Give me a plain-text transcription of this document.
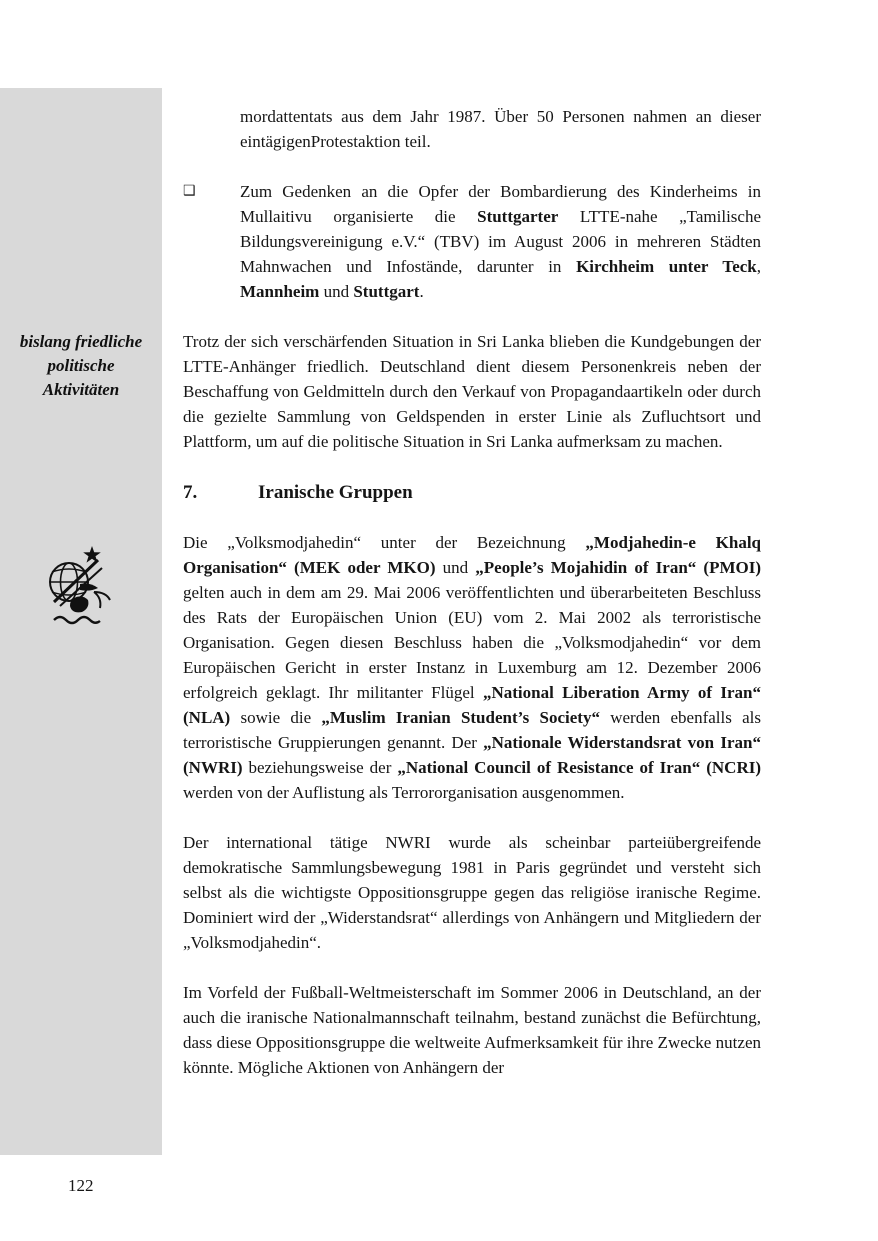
bislang friedliche
politische
Aktivitäten

mordattentats aus dem Jahr 1987. Über 50 Personen nahmen an dieser eintägigenProtestaktion teil.

❑	Zum Gedenken an die Opfer der Bombardierung des Kinderheims in Mullaitivu organisierte die Stuttgarter LTTE-nahe „Tamilische Bildungsvereinigung e.V.“ (TBV) im August 2006 in mehreren Städten Mahnwachen und Infostände, darunter in Kirchheim unter Teck, Mannheim und Stuttgart.

Trotz der sich verschärfenden Situation in Sri Lanka blieben die Kundgebungen der LTTE-Anhänger friedlich. Deutschland dient diesem Personenkreis neben der Beschaffung von Geldmitteln durch den Verkauf von Propagandaartikeln oder durch die gezielte Sammlung von Geldspenden in erster Linie als Zufluchtsort und Plattform, um auf die politische Situation in Sri Lanka aufmerksam zu machen.

7.	Iranische Gruppen

Die „Volksmodjahedin“ unter der Bezeichnung „Modjahedin-e Khalq Organisation“ (MEK oder MKO) und „People’s Mojahidin of Iran“ (PMOI) gelten auch in dem am 29. Mai 2006 veröffentlichten und überarbeiteten Beschluss des Rats der Europäischen Union (EU) vom 2. Mai 2002 als terroristische Organisation. Gegen diesen Beschluss haben die „Volksmodjahedin“ vor dem Europäischen Gericht in erster Instanz in Luxemburg am 12. Dezember 2006 erfolgreich geklagt. Ihr militanter Flügel „National Liberation Army of Iran“ (NLA) sowie die „Muslim Iranian Student’s Society“ werden ebenfalls als terroristische Gruppierungen genannt. Der „Nationale Widerstandsrat von Iran“ (NWRI) beziehungsweise der „National Council of Resistance of Iran“ (NCRI) werden von der Auflistung als Terrororganisation ausgenommen.

Der international tätige NWRI wurde als scheinbar parteiübergreifende demokratische Sammlungsbewegung 1981 in Paris gegründet und versteht sich selbst als die wichtigste Oppositionsgruppe gegen das religiöse iranische Regime. Dominiert wird der „Widerstandsrat“ allerdings von Anhängern und Mitgliedern der „Volksmodjahedin“.

Im Vorfeld der Fußball-Weltmeisterschaft im Sommer 2006 in Deutschland, an der auch die iranische Nationalmannschaft teilnahm, bestand zunächst die Befürchtung, dass diese Oppositionsgruppe die weltweite Aufmerksamkeit für ihre Zwecke nutzen könnte. Mögliche Aktionen von Anhängern der

122
